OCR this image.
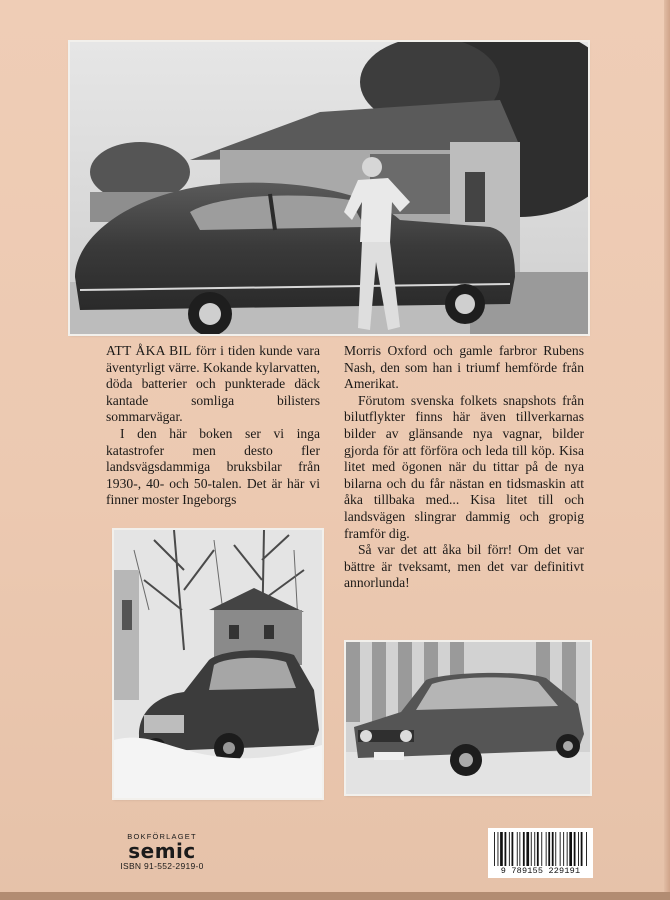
ATT ÅKA BIL förr i tiden kunde vara äventyrligt värre. Kokande kylarvatten, döda batterier och punkterade däck kantade somliga bilisters sommarvägar.

I den här boken ser vi inga katastrofer men desto fler landsvägsdammiga bruksbilar från 1930-, 40- och 50-talen. Det är här vi finner moster Ingeborgs

Morris Oxford och gamle farbror Rubens Nash, den som han i triumf hemförde från Amerikat.

Förutom svenska folkets snapshots från bilutflykter finns här även tillverkarnas bilder av glänsande nya vagnar, bilder gjorda för att förföra och leda till köp. Kisa litet med ögonen när du tittar på de nya bilarna och du får nästan en tidsmaskin att åka tillbaka med... Kisa litet till och landsvägen slingrar dammig och gropig framför dig.

Så var det att åka bil förr! Om det var bättre är tveksamt, men det var definitivt annorlunda!

BOKFÖRLAGET
semic
ISBN 91-552-2919-0	9 789155 229191
